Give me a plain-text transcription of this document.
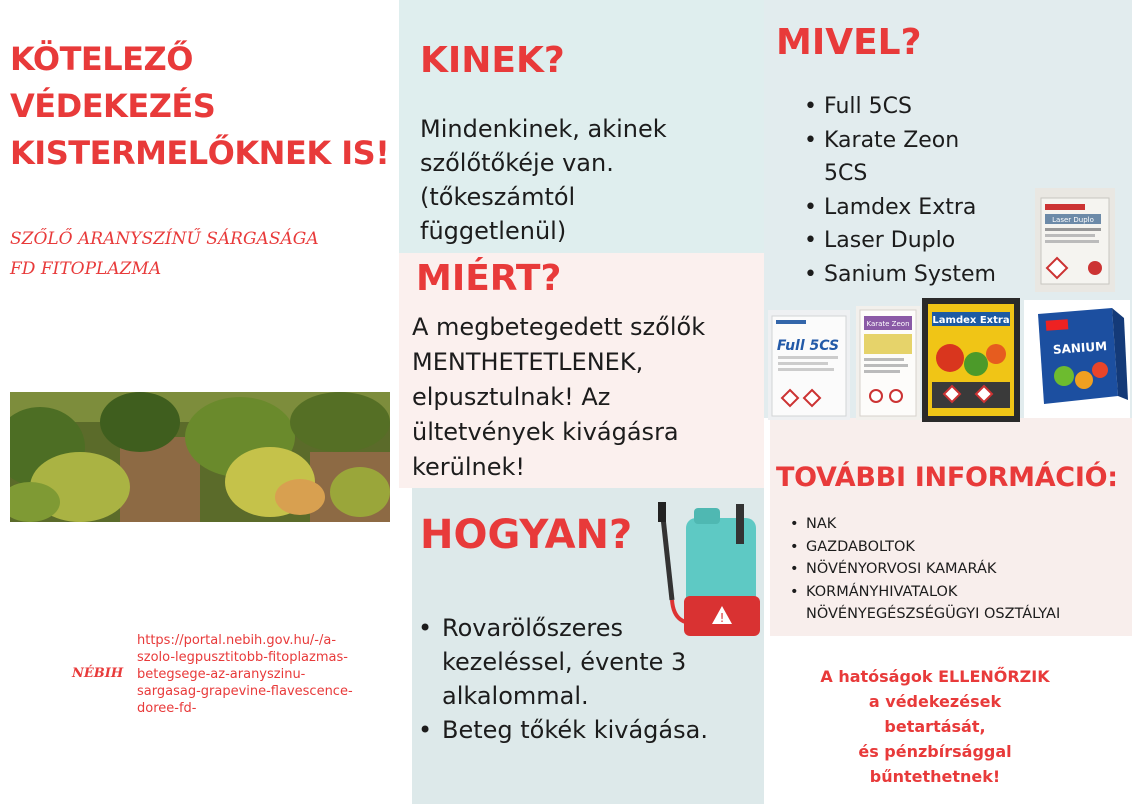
KÖTELEZŐ
VÉDEKEZÉS
KISTERMELŐKNEK IS!
SZŐLŐ ARANYSZÍNŰ SÁRGASÁGA
FD FITOPLAZMA
NÉBIH
https://portal.nebih.gov.hu/-/a-
szolo-legpusztitobb-fitoplazmas-
betegsege-az-aranyszinu-
sargasag-grapevine-flavescence-
doree-fd-
KINEK?
Mindenkinek, akinek
szőlőtőkéje van.
(tőkeszámtól
függetlenül)
MIÉRT?
A megbetegedett szőlők
MENTHETETLENEK,
elpusztulnak! Az
ültetvények kivágásra
kerülnek!
HOGYAN?
!
• Rovarölőszeres
kezeléssel, évente 3
alkalommal.
• Beteg tőkék kivágása.
MIVEL?
• Full 5CS
• Karate Zeon
5CS
• Lamdex Extra
• Laser Duplo
• Sanium System
Laser Duplo
Full 5CS
Karate Zeon Lamdex Extra
SANIUM
TOVÁBBI INFORMÁCIÓ:
• NAK
• GAZDABOLTOK
• NÖVÉNYORVOSI KAMARÁK
• KORMÁNYHIVATALOK
NÖVÉNYEGÉSZSÉGÜGYI OSZTÁLYAI
A hatóságok ELLENŐRZIK
a védekezések
betartását,
és pénzbírsággal
bűntethetnek!
